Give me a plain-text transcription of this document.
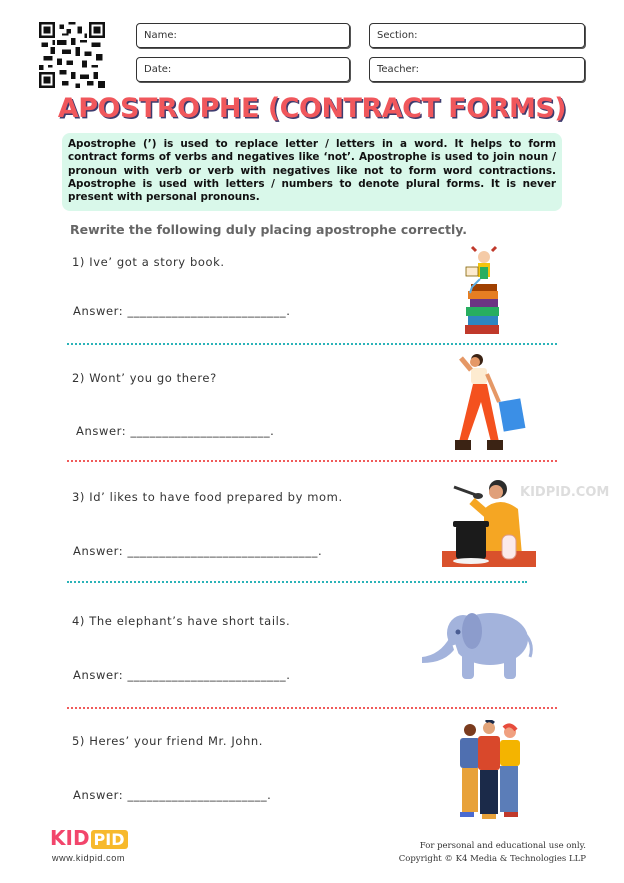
Name:	Section:
Date:	Teacher:
APOSTROPHE (CONTRACT FORMS)
Apostrophe (’) is used to replace letter / letters in a word. It helps to form contract forms of verbs and negatives like ‘not’. Apostrophe is used to join noun / pronoun with verb or verb with negatives like not to form word contractions. Apostrophe is used with letters / numbers to denote plural forms. It is never present with personal pronouns.
Rewrite the following duly placing apostrophe correctly.
1) Ive’ got a story book.
Answer: _________________________.
2) Wont’ you go there?
Answer: ______________________.
3) Id’ likes to have food prepared by mom.
Answer: ______________________________.
KIDPID.COM
4) The elephant’s have short tails.
Answer: _________________________.
5) Heres’ your friend Mr. John.
Answer: ______________________.
KID PID
www.kidpid.com
For personal and educational use only.
Copyright © K4 Media & Technologies LLP
